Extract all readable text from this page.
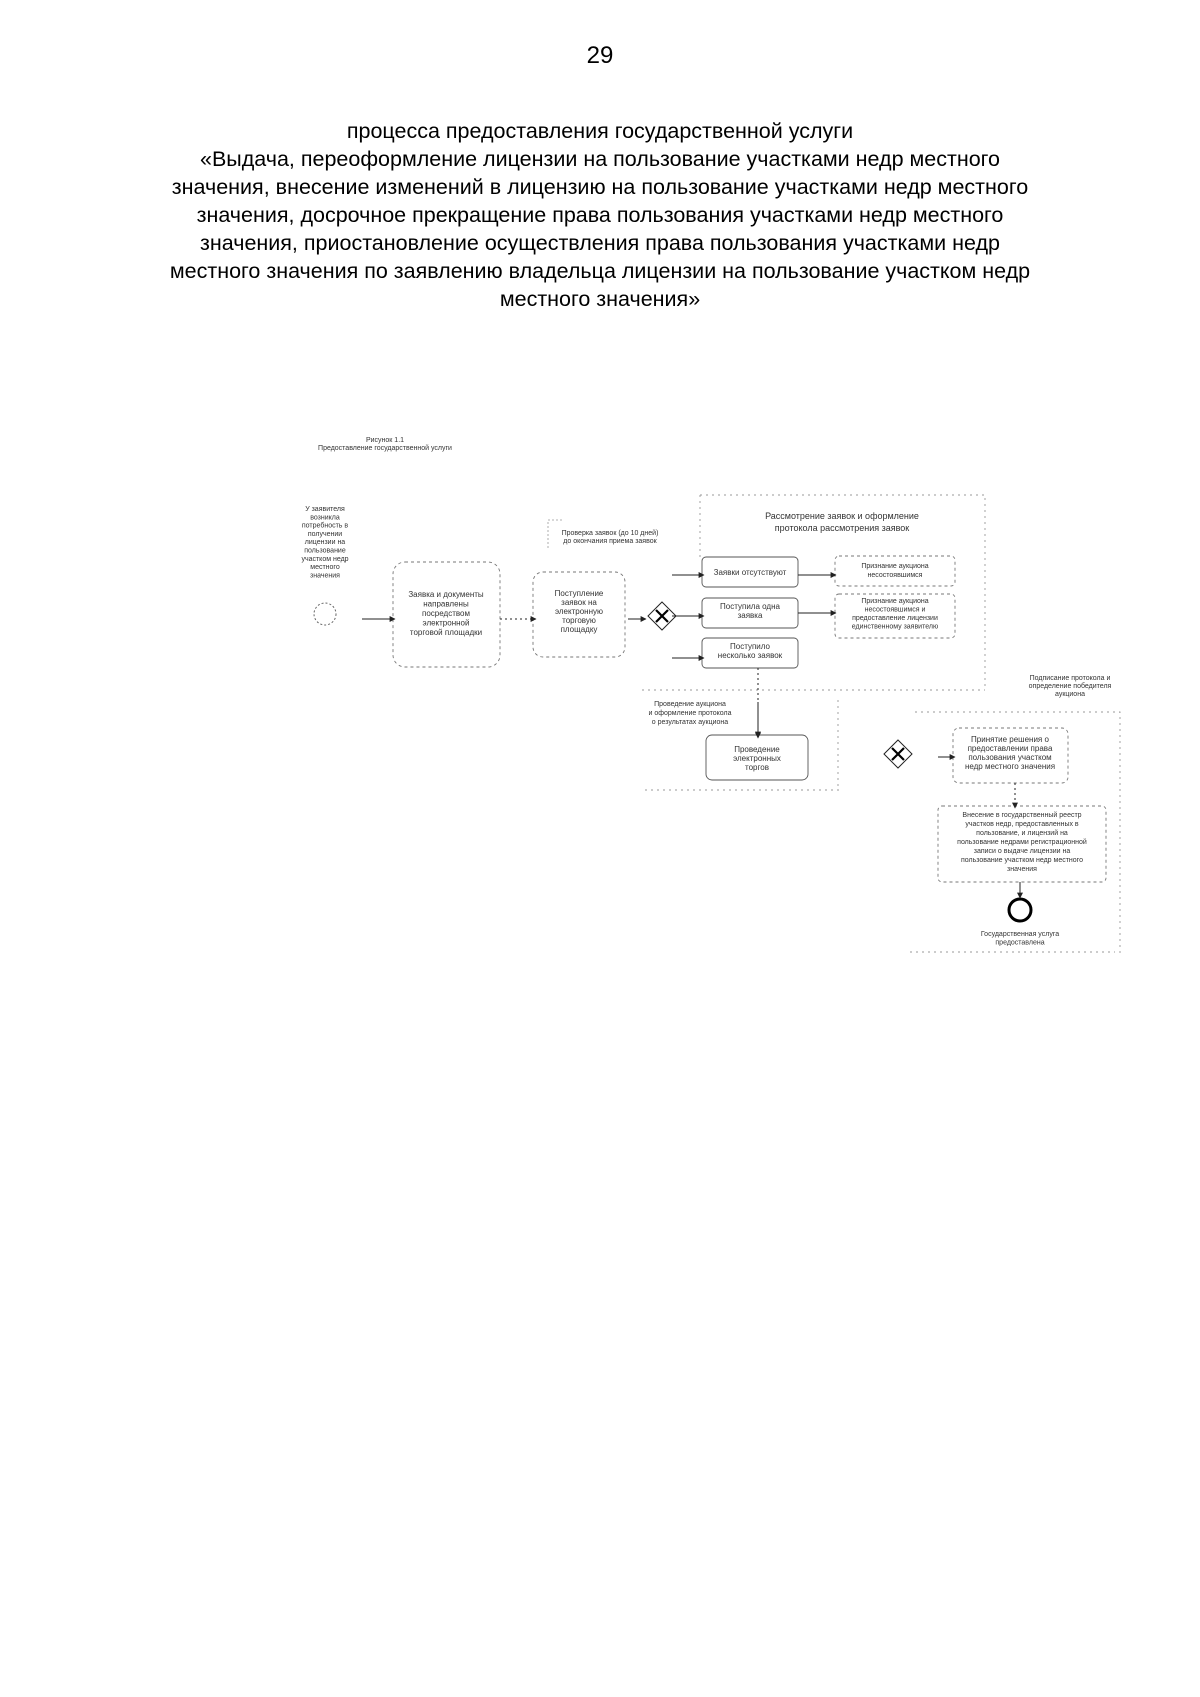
29
процесса предоставления государственной услуги
«Выдача, переоформление лицензии на пользование участками недр местного
значения, внесение изменений в лицензию на пользование участками недр местного
значения, досрочное прекращение права пользования участками недр местного
значения, приостановление осуществления права пользования участками недр
местного значения по заявлению владельца лицензии на пользование участком недр
местного значения»
Рисунок 1.1
Предоставление государственной услуги
У заявителя
возникла
потребность в
получении
лицензии на
пользование
участком недр
местного
значения
Заявка и документы
направлены
посредством
электронной
торговой площадки
Поступление
заявок на
электронную
торговую
площадку
Проверка заявок (до 10 дней)
до окончания приема заявок
Рассмотрение заявок и оформление
протокола рассмотрения заявок
Заявки отсутствуют
Поступила одна
заявка
Поступило
несколько заявок
Признание аукциона
несостоявшимся
Признание аукциона
несостоявшимся и
предоставление лицензии
единственному заявителю
Подписание протокола и
определение победителя
аукциона
Проведение аукциона
и оформление протокола
о результатах аукциона
Проведение
электронных
торгов
Принятие решения о
предоставлении права
пользования участком
недр местного значения
Внесение в государственный реестр
участков недр, предоставленных в
пользование, и лицензий на
пользование недрами регистрационной
записи о выдаче лицензии на
пользование участком недр местного
значения
Государственная услуга
предоставлена
